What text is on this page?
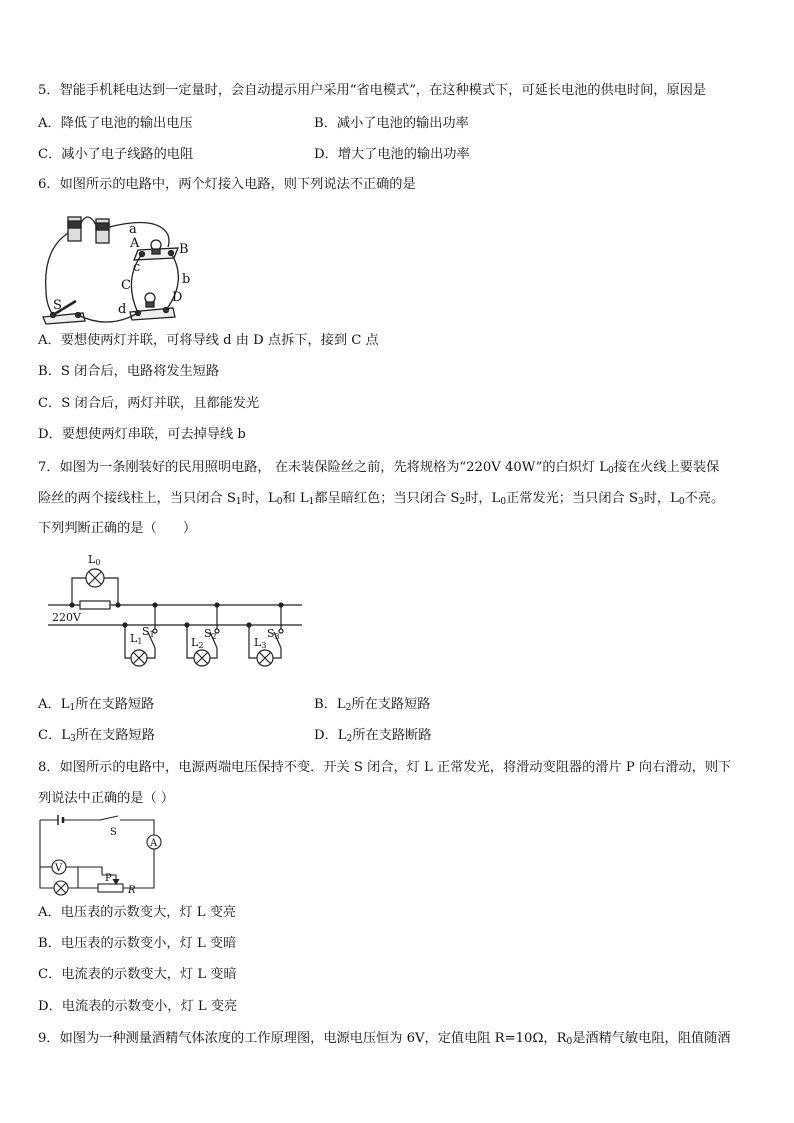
5．智能手机耗电达到一定量时，会自动提示用户采用“省电模式”，在这种模式下，可延长电池的供电时间，原因是
A．降低了电池的输出电压	B．减小了电池的输出功率
C．减小了电子线路的电阻	D．增大了电池的输出功率
6．如图所示的电路中，两个灯接入电路，则下列说法不正确的是
a
A	B
c
C	b
D
S	d
A．要想使两灯并联，可将导线 d 由 D 点拆下，接到 C 点
B．S 闭合后，电路将发生短路
C．S 闭合后，两灯并联，且都能发光
D．要想使两灯串联，可去掉导线 b
7．如图为一条刚装好的民用照明电路， 在未装保险丝之前，先将规格为“220V 40W”的白炽灯 $L_0$接在火线上要装保
险丝的两个接线柱上，当只闭合 $S_1$时，$L_0$和 $L_1$都呈暗红色；当只闭合 $S_2$时，$L_0$正常发光；当只闭合 $S_3$时，$L_0$不亮。
下列判断正确的是（　　）
L0
220V
L1
S1
L2
S2	L3
S3
A．$L_1$所在支路短路	B．$L_2$所在支路短路
C．$L_3$所在支路短路	D．$L_2$所在支路断路
8．如图所示的电路中，电源两端电压保持不变．开关 S 闭合，灯 L 正常发光，将滑动变阻器的滑片 P 向右滑动，则下
列说法中正确的是（ ）
S
A
V
P
R
A．电压表的示数变大，灯 L 变亮
B．电压表的示数变小，灯 L 变暗
C．电流表的示数变大，灯 L 变暗
D．电流表的示数变小，灯 L 变亮
9．如图为一种测量酒精气体浓度的工作原理图，电源电压恒为 6V，定值电阻 R=10Ω，$R_0$是酒精气敏电阻，阻值随酒
